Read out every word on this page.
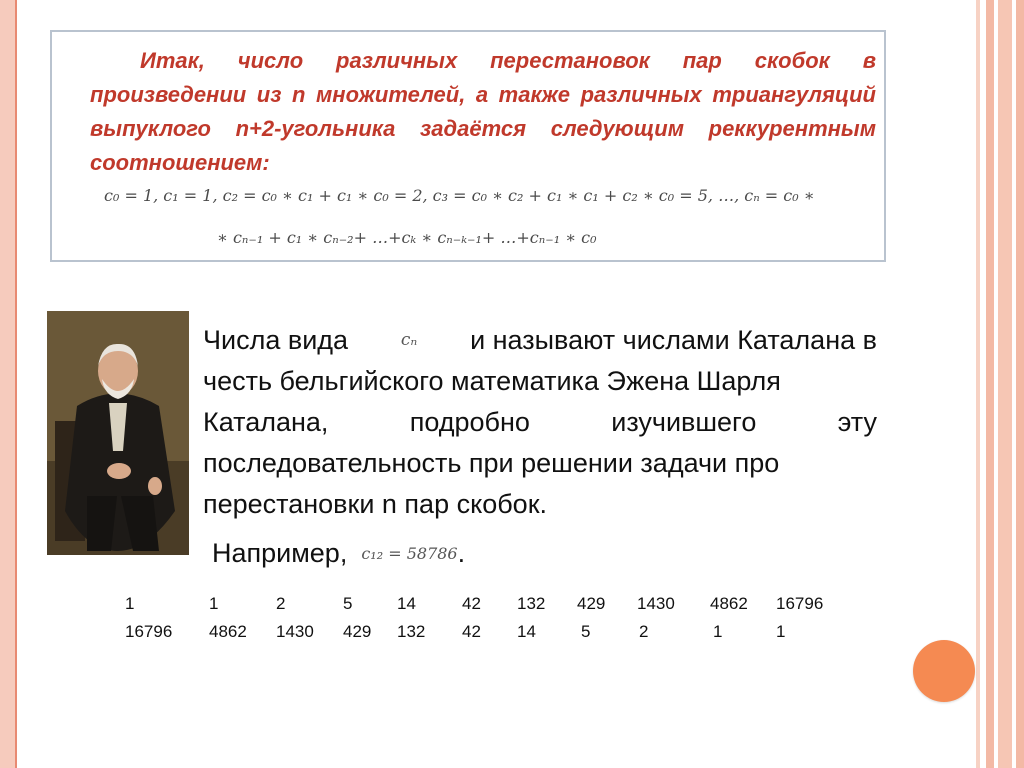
Итак, число различных перестановок пар скобок в произведении из n множителей, а также различных триангуляций выпуклого n+2-угольника задаётся следующим реккурентным соотношением:

c₀ = 1, c₁ = 1, c₂ = c₀ ∗ c₁ + c₁ ∗ c₀ = 2, c₃ = c₀ ∗ c₂ + c₁ ∗ c₁ + c₂ ∗ c₀ = 5, …, cₙ = c₀ ∗
∗ cₙ₋₁ + c₁ ∗ cₙ₋₂+ …+cₖ ∗ cₙ₋ₖ₋₁+ …+cₙ₋₁ ∗ c₀
Числа вида	cₙ и называют числами Каталана в
честь бельгийского математика Эжена Шарля
Каталана,	подробно	изучившего	эту
последовательность при решении задачи про
перестановки n пар скобок.
Например, c₁₂ = 58786.
1	1	2	5	14	42 132 429 1430 4862 16796
16796 4862 1430 429 132 42 14	5	2	1	1
